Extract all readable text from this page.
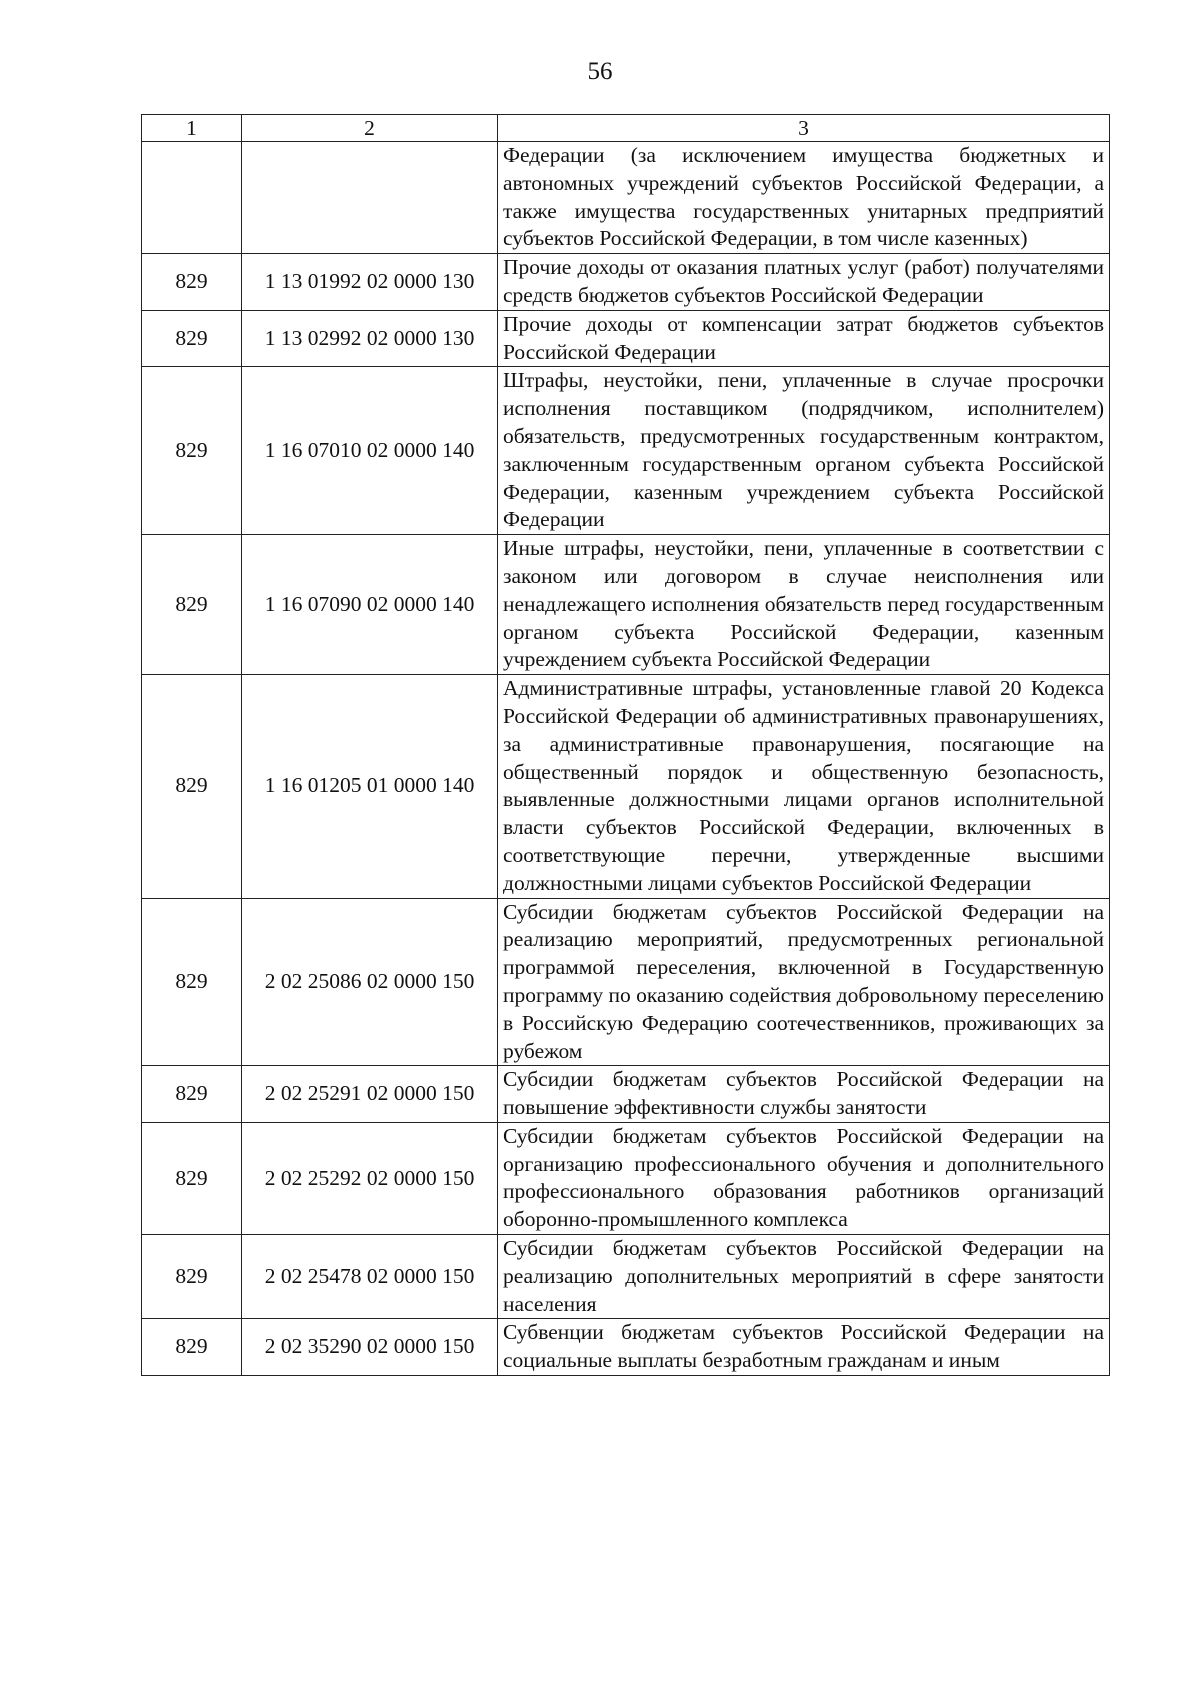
56
1	2	3
		Федерации (за исключением имущества бюджетных и автономных учреждений субъектов Российской Федерации, а также имущества государственных унитарных предприятий субъектов Российской Федерации, в том числе казенных)
829	1 13 01992 02 0000 130	Прочие доходы от оказания платных услуг (работ) получателями средств бюджетов субъектов Российской Федерации
829	1 13 02992 02 0000 130	Прочие доходы от компенсации затрат бюджетов субъектов Российской Федерации
829	1 16 07010 02 0000 140	Штрафы, неустойки, пени, уплаченные в случае просрочки исполнения поставщиком (подрядчиком, исполнителем) обязательств, предусмотренных государственным контрактом, заключенным государственным органом субъекта Российской Федерации, казенным учреждением субъекта Российской Федерации
829	1 16 07090 02 0000 140	Иные штрафы, неустойки, пени, уплаченные в соответствии с законом или договором в случае неисполнения или ненадлежащего исполнения обязательств перед государственным органом субъекта Российской Федерации, казенным учреждением субъекта Российской Федерации
829	1 16 01205 01 0000 140	Административные штрафы, установленные главой 20 Кодекса Российской Федерации об административных правонарушениях, за административные правонарушения, посягающие на общественный порядок и общественную безопасность, выявленные должностными лицами органов исполнительной власти субъектов Российской Федерации, включенных в соответствующие перечни, утвержденные высшими должностными лицами субъектов Российской Федерации
829	2 02 25086 02 0000 150	Субсидии бюджетам субъектов Российской Федерации на реализацию мероприятий, предусмотренных региональной программой переселения, включенной в Государственную программу по оказанию содействия добровольному переселению в Российскую Федерацию соотечественников, проживающих за рубежом
829	2 02 25291 02 0000 150	Субсидии бюджетам субъектов Российской Федерации на повышение эффективности службы занятости
829	2 02 25292 02 0000 150	Субсидии бюджетам субъектов Российской Федерации на организацию профессионального обучения и дополнительного профессионального образования работников организаций оборонно-промышленного комплекса
829	2 02 25478 02 0000 150	Субсидии бюджетам субъектов Российской Федерации на реализацию дополнительных мероприятий в сфере занятости населения
829	2 02 35290 02 0000 150	Субвенции бюджетам субъектов Российской Федерации на социальные выплаты безработным гражданам и иным
